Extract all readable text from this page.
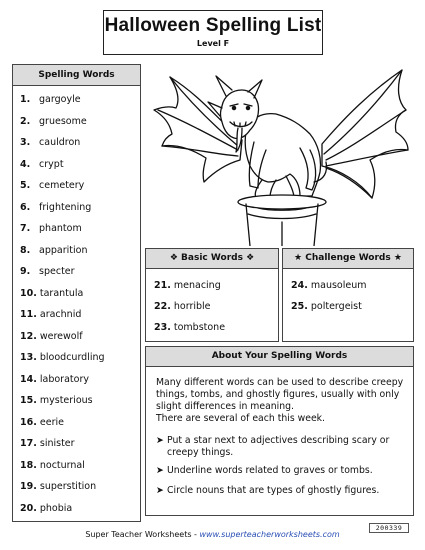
Halloween Spelling List
Level F
Spelling Words
1. gargoyle
2. gruesome
3. cauldron
4. crypt
5. cemetery
6. frightening
7. phantom
8. apparition
9. specter
10. tarantula
11. arachnid
12. werewolf
13. bloodcurdling
14. laboratory
15. mysterious
16. eerie
17. sinister
18. nocturnal
19. superstition
20. phobia
❖ Basic Words ❖
21. menacing
22. horrible
23. tombstone
★ Challenge Words ★
24. mausoleum
25. poltergeist
About Your Spelling Words
Many different words can be used to describe creepy things, tombs, and ghostly figures, usually with only slight differences in meaning.
There are several of each this week.
➤ Put a star next to adjectives describing scary or creepy things.
➤ Underline words related to graves or tombs.
➤ Circle nouns that are types of ghostly figures.
200339
Super Teacher Worksheets - www.superteacherworksheets.com
